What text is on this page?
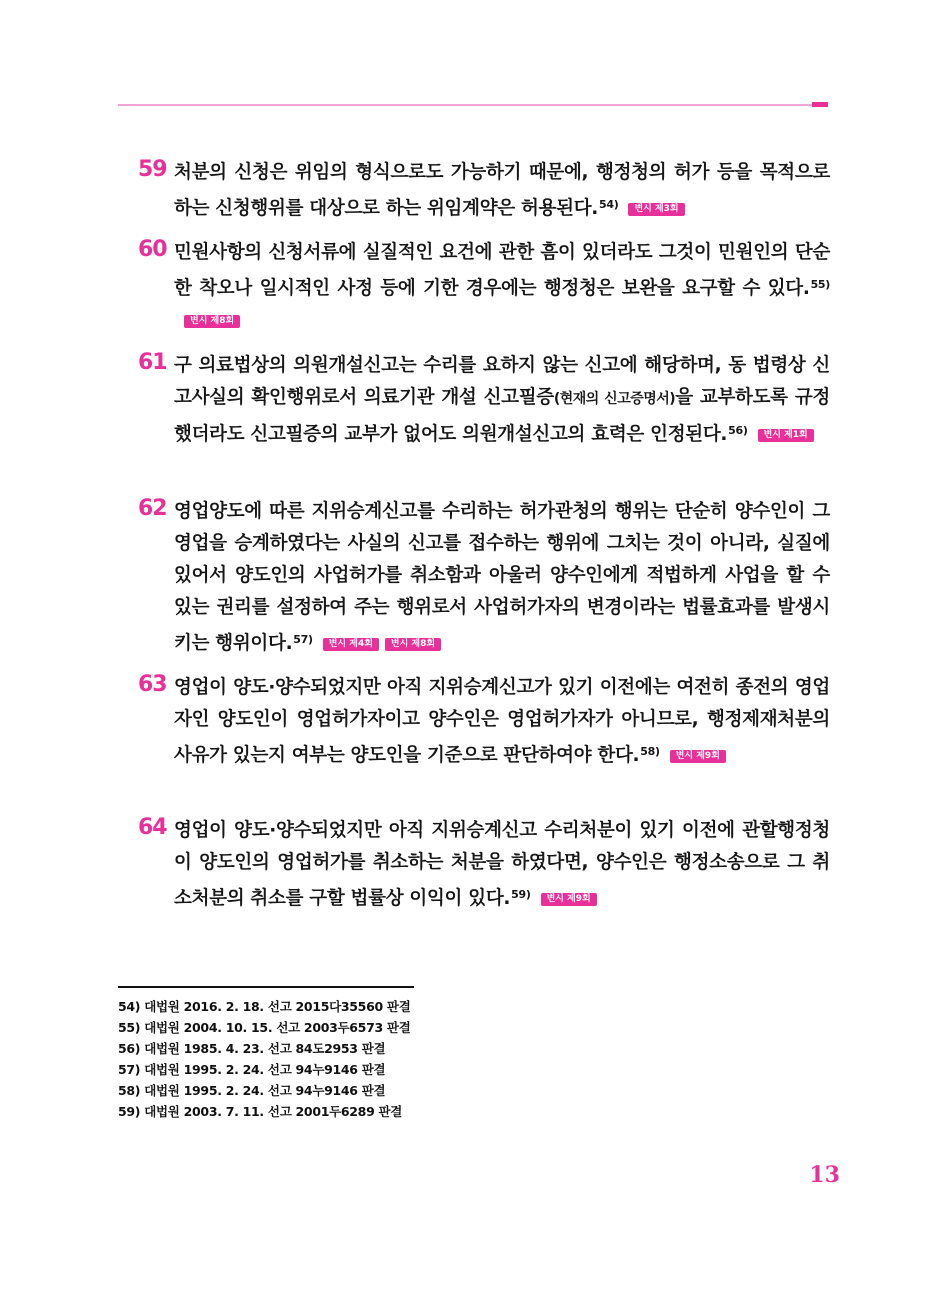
59 처분의 신청은 위임의 형식으로도 가능하기 때문에, 행정청의 허가 등을 목적으로 하는 신청행위를 대상으로 하는 위임계약은 허용된다.$^{54)}$ 변시 제3회
60 민원사항의 신청서류에 실질적인 요건에 관한 흠이 있더라도 그것이 민원인의 단순한 착오나 일시적인 사정 등에 기한 경우에는 행정청은 보완을 요구할 수 있다.$^{55)}$변시 제8회
61 구 의료법상의 의원개설신고는 수리를 요하지 않는 신고에 해당하며, 동 법령상 신고사실의 확인행위로서 의료기관 개설 신고필증(현재의 신고증명서)을 교부하도록 규정했더라도 신고필증의 교부가 없어도 의원개설신고의 효력은 인정된다.$^{56)}$ 변시 제1회
62 영업양도에 따른 지위승계신고를 수리하는 허가관청의 행위는 단순히 양수인이 그 영업을 승계하였다는 사실의 신고를 접수하는 행위에 그치는 것이 아니라, 실질에 있어서 양도인의 사업허가를 취소함과 아울러 양수인에게 적법하게 사업을 할 수 있는 권리를 설정하여 주는 행위로서 사업허가자의 변경이라는 법률효과를 발생시키는 행위이다.$^{57)}$ 변시 제4회 변시 제8회
63 영업이 양도·양수되었지만 아직 지위승계신고가 있기 이전에는 여전히 종전의 영업자인 양도인이 영업허가자이고 양수인은 영업허가자가 아니므로, 행정제재처분의 사유가 있는지 여부는 양도인을 기준으로 판단하여야 한다.$^{58)}$ 변시 제9회
64 영업이 양도·양수되었지만 아직 지위승계신고 수리처분이 있기 이전에 관할행정청이 양도인의 영업허가를 취소하는 처분을 하였다면, 양수인은 행정소송으로 그 취소처분의 취소를 구할 법률상 이익이 있다.$^{59)}$ 변시 제9회
54) 대법원 2016. 2. 18. 선고 2015다35560 판결
55) 대법원 2004. 10. 15. 선고 2003두6573 판결
56) 대법원 1985. 4. 23. 선고 84도2953 판결
57) 대법원 1995. 2. 24. 선고 94누9146 판결
58) 대법원 1995. 2. 24. 선고 94누9146 판결
59) 대법원 2003. 7. 11. 선고 2001두6289 판결
13
